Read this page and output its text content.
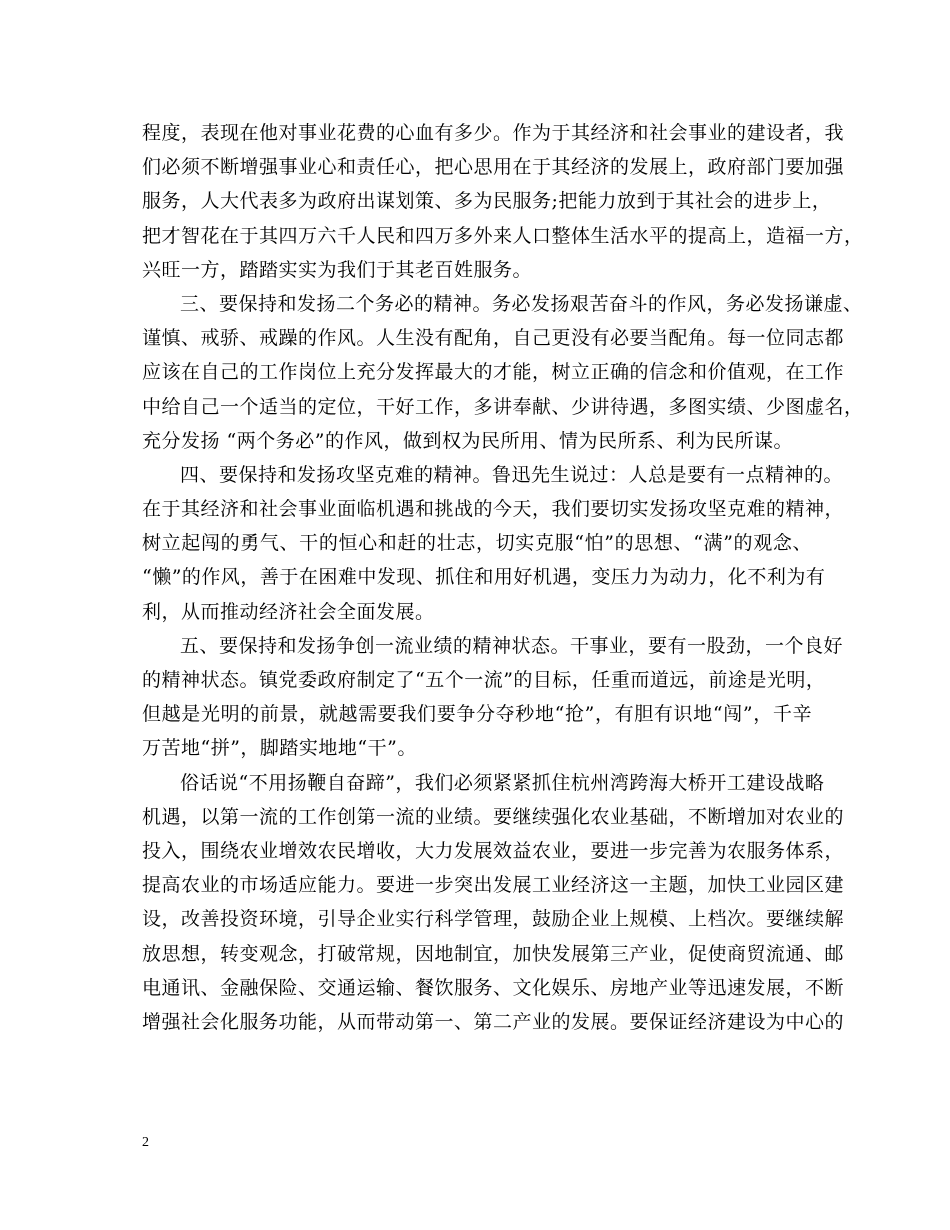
程度，表现在他对事业花费的心血有多少。作为于其经济和社会事业的建设者，我
们必须不断增强事业心和责任心，把心思用在于其经济的发展上，政府部门要加强
服务，人大代表多为政府出谋划策、多为民服务;把能力放到于其社会的进步上，
把才智花在于其四万六千人民和四万多外来人口整体生活水平的提高上，造福一方，
兴旺一方，踏踏实实为我们于其老百姓服务。
三、要保持和发扬二个务必的精神。务必发扬艰苦奋斗的作风，务必发扬谦虚、
谨慎、戒骄、戒躁的作风。人生没有配角，自己更没有必要当配角。每一位同志都
应该在自己的工作岗位上充分发挥最大的才能，树立正确的信念和价值观，在工作
中给自己一个适当的定位，干好工作，多讲奉献、少讲待遇，多图实绩、少图虚名，
充分发扬 “两个务必”的作风，做到权为民所用、情为民所系、利为民所谋。
四、要保持和发扬攻坚克难的精神。鲁迅先生说过：人总是要有一点精神的。
在于其经济和社会事业面临机遇和挑战的今天，我们要切实发扬攻坚克难的精神，
树立起闯的勇气、干的恒心和赶的壮志，切实克服“怕”的思想、“满”的观念、
“懒”的作风，善于在困难中发现、抓住和用好机遇，变压力为动力，化不利为有
利，从而推动经济社会全面发展。
五、要保持和发扬争创一流业绩的精神状态。干事业，要有一股劲，一个良好
的精神状态。镇党委政府制定了“五个一流”的目标，任重而道远，前途是光明，
但越是光明的前景，就越需要我们要争分夺秒地“抢”，有胆有识地“闯”，千辛
万苦地“拼”，脚踏实地地“干”。
俗话说“不用扬鞭自奋蹄”，我们必须紧紧抓住杭州湾跨海大桥开工建设战略
机遇，以第一流的工作创第一流的业绩。要继续强化农业基础，不断增加对农业的
投入，围绕农业增效农民增收，大力发展效益农业，要进一步完善为农服务体系，
提高农业的市场适应能力。要进一步突出发展工业经济这一主题，加快工业园区建
设，改善投资环境，引导企业实行科学管理，鼓励企业上规模、上档次。要继续解
放思想，转变观念，打破常规，因地制宜，加快发展第三产业，促使商贸流通、邮
电通讯、金融保险、交通运输、餐饮服务、文化娱乐、房地产业等迅速发展，不断
增强社会化服务功能，从而带动第一、第二产业的发展。要保证经济建设为中心的
2
